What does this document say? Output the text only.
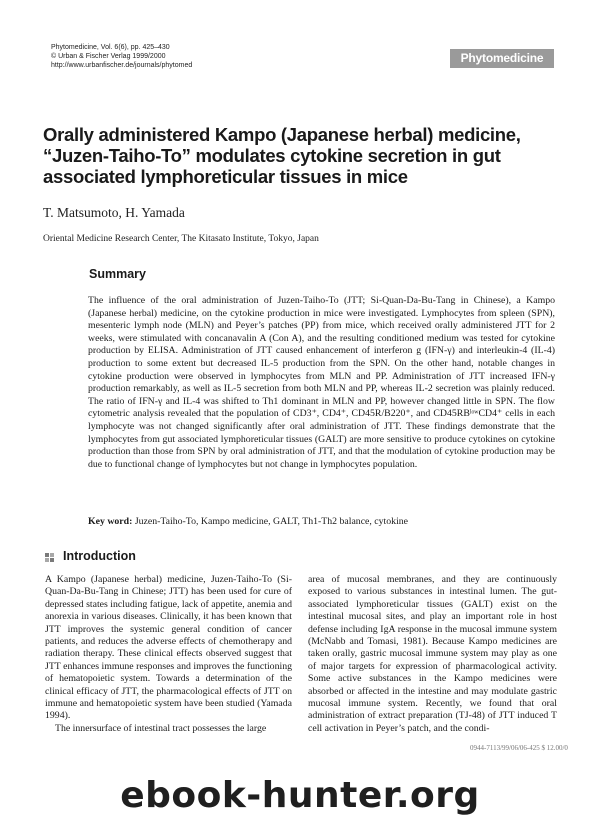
Phytomedicine, Vol. 6(6), pp. 425–430
© Urban & Fischer Verlag 1999/2000
http://www.urbanfischer.de/journals/phytomed
Phytomedicine
Orally administered Kampo (Japanese herbal) medicine, “Juzen-Taiho-To” modulates cytokine secretion in gut associated lymphoreticular tissues in mice
T. Matsumoto, H. Yamada
Oriental Medicine Research Center, The Kitasato Institute, Tokyo, Japan
Summary

The influence of the oral administration of Juzen-Taiho-To (JTT; Si-Quan-Da-Bu-Tang in Chinese), a Kampo (Japanese herbal) medicine, on the cytokine production in mice were investigated. Lymphocytes from spleen (SPN), mesenteric lymph node (MLN) and Peyer’s patches (PP) from mice, which received orally administered JTT for 2 weeks, were stimulated with concanavalin A (Con A), and the resulting conditioned medium was tested for cytokine production by ELISA. Administration of JTT caused enhancement of interferon g (IFN-γ) and interleukin-4 (IL-4) production to some extent but decreased IL-5 production from the SPN. On the other hand, notable changes in cytokine production were observed in lymphocytes from MLN and PP. Administration of JTT increased IFN-γ production remarkably, as well as IL-5 secretion from both MLN and PP, whereas IL-2 secretion was plainly reduced. The ratio of IFN-γ and IL-4 was shifted to Th1 dominant in MLN and PP, however changed little in SPN. The flow cytometric analysis revealed that the population of CD3⁺, CD4⁺, CD45R/B220⁺, and CD45RBˡᵒʷCD4⁺ cells in each lymphocyte was not changed significantly after oral administration of JTT. These findings demonstrate that the lymphocytes from gut associated lymphoreticular tissues (GALT) are more sensitive to produce cytokines on cytokine production than those from SPN by oral administration of JTT, and that the modulation of cytokine production may be due to functional change of lymphocytes but not change in lymphocytes population.

Key word: Juzen-Taiho-To, Kampo medicine, GALT, Th1-Th2 balance, cytokine
Introduction
A Kampo (Japanese herbal) medicine, Juzen-Taiho-To (Si-Quan-Da-Bu-Tang in Chinese; JTT) has been used for cure of depressed states including fatigue, lack of appetite, anemia and anorexia in various diseases. Clinically, it has been known that JTT improves the systemic general condition of cancer patients, and reduces the adverse effects of chemotherapy and radiation therapy. These clinical effects observed suggest that JTT enhances immune responses and improves the functioning of hematopoietic system. Towards a determination of the clinical efficacy of JTT, the pharmacological effects of JTT on immune and hematopoietic system have been studied (Yamada 1994).
The innersurface of intestinal tract possesses the large
area of mucosal membranes, and they are continuously exposed to various substances in intestinal lumen. The gut-associated lymphoreticular tissues (GALT) exist on the intestinal mucosal sites, and play an important role in host defense including IgA response in the mucosal immune system (McNabb and Tomasi, 1981). Because Kampo medicines are taken orally, gastric mucosal immune system may play as one of major targets for expression of pharmacological activity. Some active substances in the Kampo medicines were absorbed or affected in the intestine and may modulate gastric mucosal immune system. Recently, we found that oral administration of extract preparation (TJ-48) of JTT induced T cell activation in Peyer’s patch, and the condi-
0944-7113/99/06/06-425 $ 12.00/0
ebook-hunter.org
